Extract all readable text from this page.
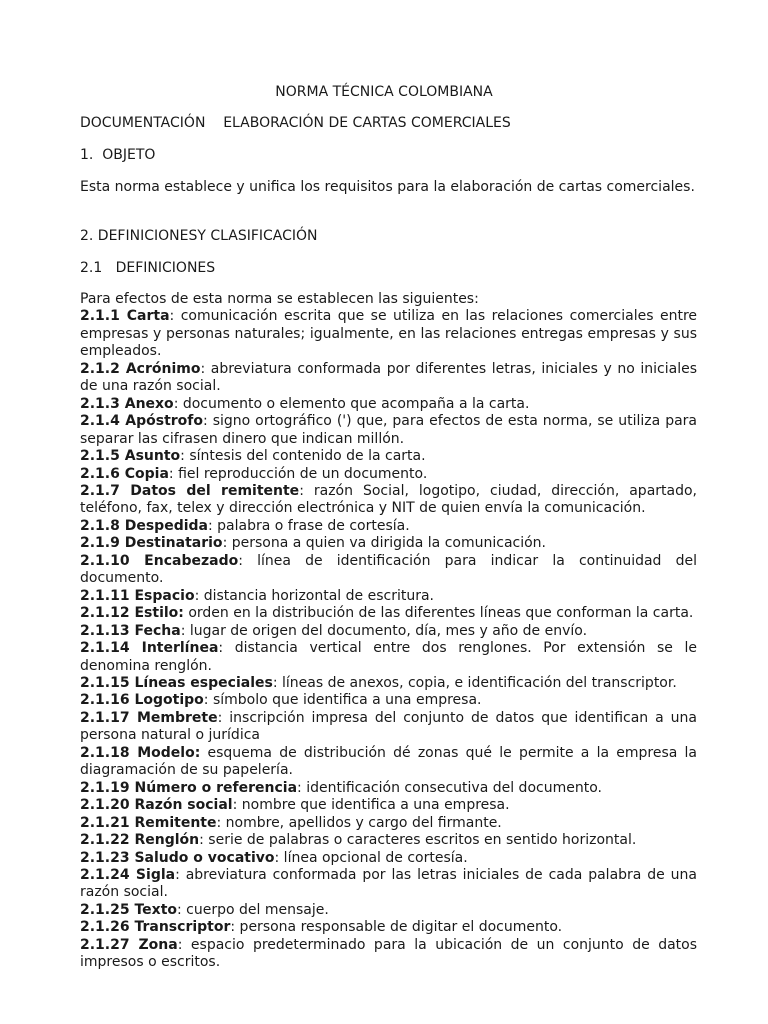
NORMA TÉCNICA COLOMBIANA
DOCUMENTACIÓN    ELABORACIÓN DE CARTAS COMERCIALES
1.  OBJETO
Esta norma establece y unifica los requisitos para la elaboración de cartas comerciales.
2. DEFINICIONESY CLASIFICACIÓN
2.1   DEFINICIONES
Para efectos de esta norma se establecen las siguientes:
2.1.1 Carta: comunicación escrita que se utiliza en las relaciones comerciales entre empresas y personas naturales; igualmente, en las relaciones entregas empresas y sus empleados.
2.1.2 Acrónimo: abreviatura conformada por diferentes letras, iniciales y no iniciales de una razón social.
2.1.3 Anexo: documento o elemento que acompaña a la carta.
2.1.4 Apóstrofo: signo ortográfico (') que, para efectos de esta norma, se utiliza para separar las cifrasen dinero que indican millón.
2.1.5 Asunto: síntesis del contenido de la carta.
2.1.6 Copia: fiel reproducción de un documento.
2.1.7 Datos del remitente: razón Social, logotipo, ciudad, dirección, apartado, teléfono, fax, telex y dirección electrónica y NIT de quien envía la comunicación.
2.1.8 Despedida: palabra o frase de cortesía.
2.1.9 Destinatario: persona a quien va dirigida la comunicación.
2.1.10 Encabezado: línea de identificación para indicar la continuidad del documento.
2.1.11 Espacio: distancia horizontal de escritura.
2.1.12 Estilo: orden en la distribución de las diferentes líneas que conforman la carta.
2.1.13 Fecha: lugar de origen del documento, día, mes y año de envío.
2.1.14 Interlínea: distancia vertical entre dos renglones. Por extensión se le denomina renglón.
2.1.15 Líneas especiales: líneas de anexos, copia, e identificación del transcriptor.
2.1.16 Logotipo: símbolo que identifica a una empresa.
2.1.17 Membrete: inscripción impresa del conjunto de datos que identifican a una persona natural o jurídica
2.1.18 Modelo: esquema de distribución dé zonas qué le permite a la empresa la diagramación de su papelería.
2.1.19 Número o referencia: identificación consecutiva del documento.
2.1.20 Razón social: nombre que identifica a una empresa.
2.1.21 Remitente: nombre, apellidos y cargo del firmante.
2.1.22 Renglón: serie de palabras o caracteres escritos en sentido horizontal.
2.1.23 Saludo o vocativo: línea opcional de cortesía.
2.1.24 Sigla: abreviatura conformada por las letras iniciales de cada palabra de una razón social.
2.1.25 Texto: cuerpo del mensaje.
2.1.26 Transcriptor: persona responsable de digitar el documento.
2.1.27 Zona: espacio predeterminado para la ubicación de un conjunto de datos impresos o escritos.
